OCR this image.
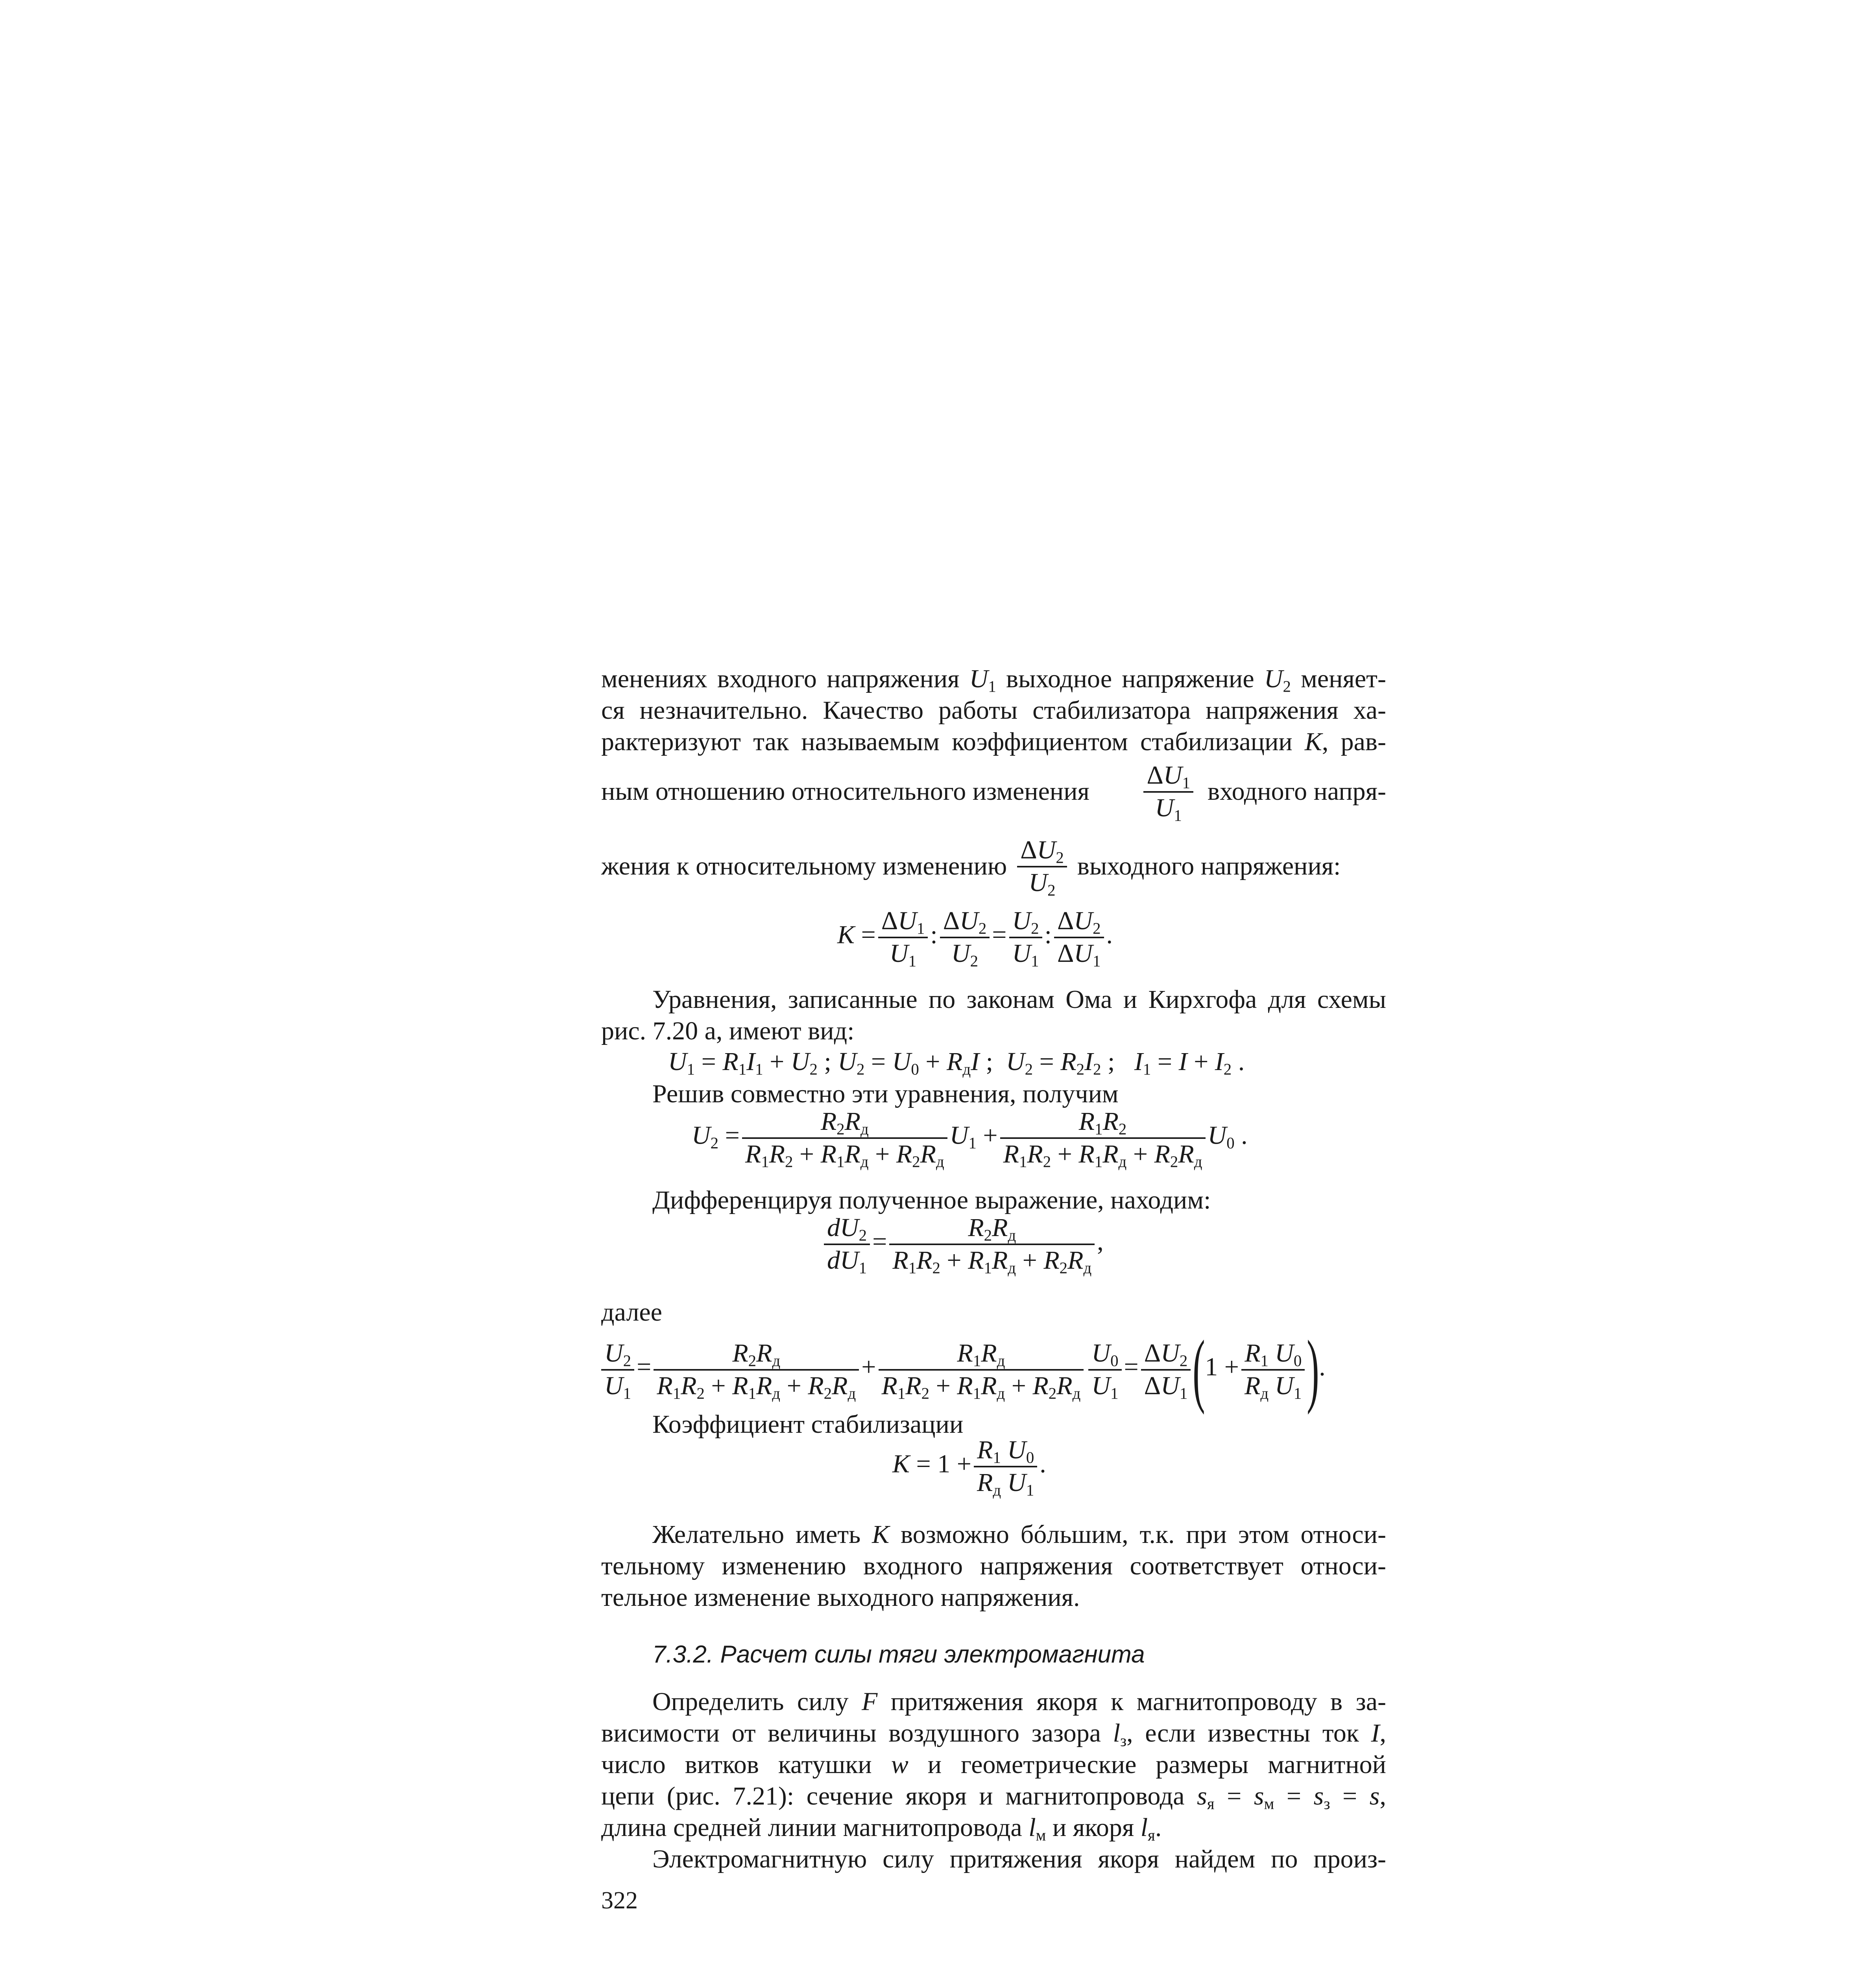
менениях входного напряжения $U_1$ выходное напряжение $U_2$ меняет-
ся незначительно. Качество работы стабилизатора напряжения ха-
рактеризуют так называемым коэффициентом стабилизации K, рав-
ным отношению относительного изменения $\frac{\Delta U_1}{U_1}$ входного напря-
жения к относительному изменению $\frac{\Delta U_2}{U_2}$ выходного напряжения:
$K = \frac{\Delta U_1}{U_1}$ : $\frac{\Delta U_2}{U_2} = \frac{U_2}{U_1}$ : $\frac{\Delta U_2}{\Delta U_1}$ .
Уравнения, записанные по законам Ома и Кирхгофа для схемы
рис. 7.20 а, имеют вид:
$U_1 = R_1I_1 + U_2$ ; $U_2 = U_0 + R_дI$ ;  $U_2 = R_2I_2$ ;   $I_1 = I + I_2$ .
Решив совместно эти уравнения, получим
$U_2 = \frac{R_2R_д}{R_1R_2 + R_1R_д + R_2R_д} U_1 + \frac{R_1R_2}{R_1R_2 + R_1R_д + R_2R_д} U_0$ .
Дифференцируя полученное выражение, находим:
$\frac{dU_2}{dU_1} = \frac{R_2R_д}{R_1R_2 + R_1R_д + R_2R_д}$ ,
далее
$\frac{U_2}{U_1} = \frac{R_2R_д}{R_1R_2 + R_1R_д + R_2R_д} + \frac{R_1R_д}{R_1R_2 + R_1R_д + R_2R_д} \frac{U_0}{U_1} = \frac{\Delta U_2}{\Delta U_1} (1 + \frac{R_1}{R_д} \frac{U_0}{U_1}$ ).
Коэффициент стабилизации
$K = 1 + \frac{R_1}{R_д} \frac{U_0}{U_1}$ .
Желательно иметь K возможно бóльшим, т.к. при этом относи-
тельному изменению входного напряжения соответствует относи-
тельное изменение выходного напряжения.
7.3.2. Расчет силы тяги электромагнита
Определить силу F притяжения якоря к магнитопроводу в за-
висимости от величины воздушного зазора $l_з$, если известны ток I,
число витков катушки w и геометрические размеры магнитной
цепи (рис. 7.21): сечение якоря и магнитопровода $s_я = s_м = s_з = s$,
длина средней линии магнитопровода $l_м$ и якоря $l_я$.
Электромагнитную силу притяжения якоря найдем по произ-
322
